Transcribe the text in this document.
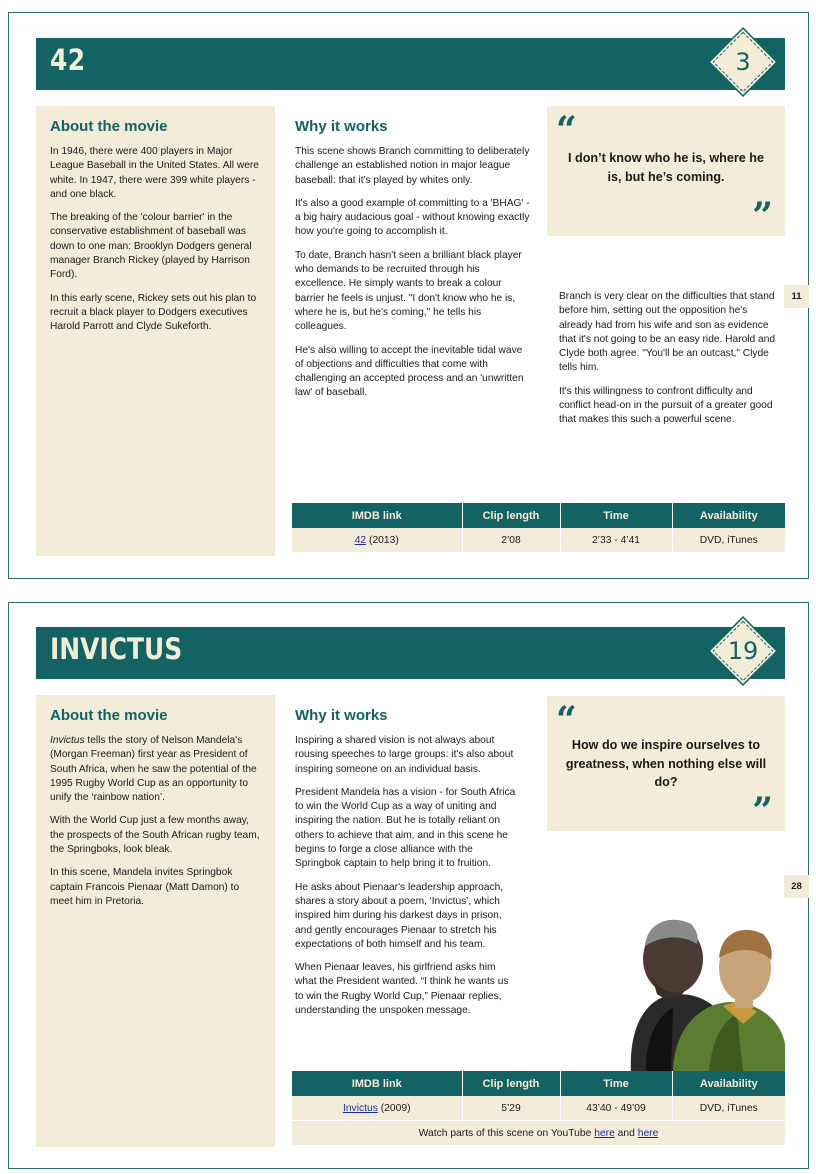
42	3
About the movie

In 1946, there were 400 players in Major League Baseball in the United States. All were white. In 1947, there were 399 white players - and one black.

The breaking of the 'colour barrier' in the conservative establishment of baseball was down to one man: Brooklyn Dodgers general manager Branch Rickey (played by Harrison Ford).

In this early scene, Rickey sets out his plan to recruit a black player to Dodgers executives Harold Parrott and Clyde Sukeforth.

Why it works

This scene shows Branch committing to deliberately challenge an established notion in major league baseball: that it's played by whites only.

It's also a good example of committing to a 'BHAG' - a big hairy audacious goal - without knowing exactly how you're going to accomplish it.

To date, Branch hasn't seen a brilliant black player who demands to be recruited through his excellence. He simply wants to break a colour barrier he feels is unjust. "I don't know who he is, where he is, but he's coming," he tells his colleagues.

He's also willing to accept the inevitable tidal wave of objections and difficulties that come with challenging an accepted process and an 'unwritten law' of baseball.

“
I don’t know who he is, where he is, but he’s coming.
”

Branch is very clear on the difficulties that stand before him, setting out the opposition he's already had from his wife and son as evidence that it's not going to be an easy ride. Harold and Clyde both agree. "You'll be an outcast," Clyde tells him.

It's this willingness to confront difficulty and conflict head-on in the pursuit of a greater good that makes this such a powerful scene.

11
IMDB link	Clip length	Time	Availability
42 (2013)	2’08	2’33 - 4’41	DVD, iTunes
INVICTUS	19
About the movie

Invictus tells the story of Nelson Mandela's (Morgan Freeman) first year as President of South Africa, when he saw the potential of the 1995 Rugby World Cup as an opportunity to unify the ‘rainbow nation’.

With the World Cup just a few months away, the prospects of the South African rugby team, the Springboks, look bleak.

In this scene, Mandela invites Springbok captain Francois Pienaar (Matt Damon) to meet him in Pretoria.

Why it works

Inspiring a shared vision is not always about rousing speeches to large groups: it's also about inspiring someone on an individual basis.

President Mandela has a vision - for South Africa to win the World Cup as a way of uniting and inspiring the nation. But he is totally reliant on others to achieve that aim, and in this scene he begins to forge a close alliance with the Springbok captain to help bring it to fruition.

He asks about Pienaar's leadership approach, shares a story about a poem, 'Invictus', which inspired him during his darkest days in prison, and gently encourages Pienaar to stretch his expectations of both himself and his team.

When Pienaar leaves, his girlfriend asks him what the President wanted. “I think he wants us to win the Rugby World Cup,” Pienaar replies, understanding the unspoken message.

“
How do we inspire ourselves to greatness, when nothing else will do?
”
28
IMDB link	Clip length	Time	Availability
Invictus (2009)	5’29	43’40 - 49’09	DVD, iTunes
Watch parts of this scene on YouTube here and here			
